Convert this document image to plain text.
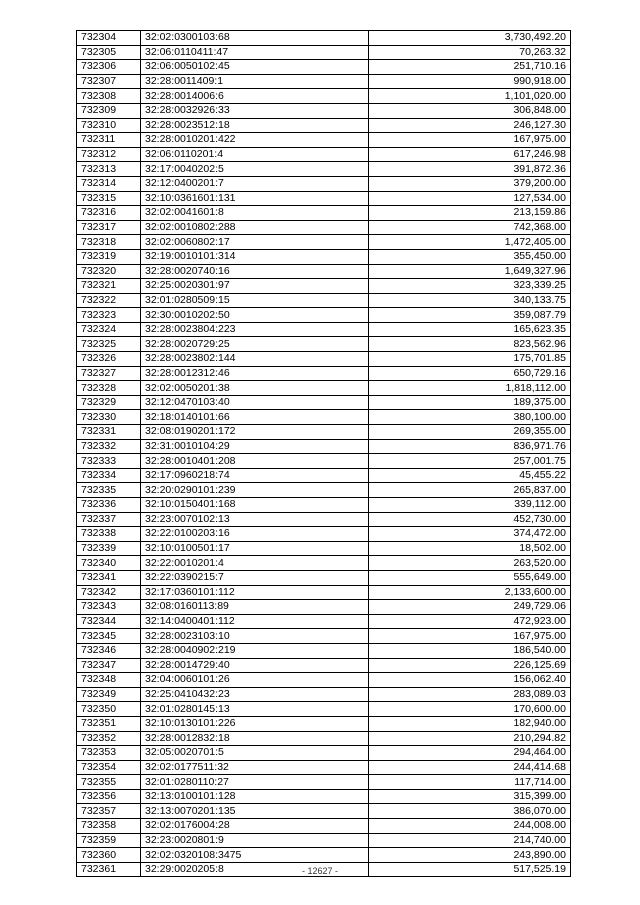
732304	32:02:0300103:68	3,730,492.20
732305	32:06:0110411:47	70,263.32
732306	32:06:0050102:45	251,710.16
732307	32:28:0011409:1	990,918.00
732308	32:28:0014006:6	1,101,020.00
732309	32:28:0032926:33	306,848.00
732310	32:28:0023512:18	246,127.30
732311	32:28:0010201:422	167,975.00
732312	32:06:0110201:4	617,246.98
732313	32:17:0040202:5	391,872.36
732314	32:12:0400201:7	379,200.00
732315	32:10:0361601:131	127,534.00
732316	32:02:0041601:8	213,159.86
732317	32:02:0010802:288	742,368.00
732318	32:02:0060802:17	1,472,405.00
732319	32:19:0010101:314	355,450.00
732320	32:28:0020740:16	1,649,327.96
732321	32:25:0020301:97	323,339.25
732322	32:01:0280509:15	340,133.75
732323	32:30:0010202:50	359,087.79
732324	32:28:0023804:223	165,623.35
732325	32:28:0020729:25	823,562.96
732326	32:28:0023802:144	175,701.85
732327	32:28:0012312:46	650,729.16
732328	32:02:0050201:38	1,818,112.00
732329	32:12:0470103:40	189,375.00
732330	32:18:0140101:66	380,100.00
732331	32:08:0190201:172	269,355.00
732332	32:31:0010104:29	836,971.76
732333	32:28:0010401:208	257,001.75
732334	32:17:0960218:74	45,455.22
732335	32:20:0290101:239	265,837.00
732336	32:10:0150401:168	339,112.00
732337	32:23:0070102:13	452,730.00
732338	32:22:0100203:16	374,472.00
732339	32:10:0100501:17	18,502.00
732340	32:22:0010201:4	263,520.00
732341	32:22:0390215:7	555,649.00
732342	32:17:0360101:112	2,133,600.00
732343	32:08:0160113:89	249,729.06
732344	32:14:0400401:112	472,923.00
732345	32:28:0023103:10	167,975.00
732346	32:28:0040902:219	186,540.00
732347	32:28:0014729:40	226,125.69
732348	32:04:0060101:26	156,062.40
732349	32:25:0410432:23	283,089.03
732350	32:01:0280145:13	170,600.00
732351	32:10:0130101:226	182,940.00
732352	32:28:0012832:18	210,294.82
732353	32:05:0020701:5	294,464.00
732354	32:02:0177511:32	244,414.68
732355	32:01:0280110:27	117,714.00
732356	32:13:0100101:128	315,399.00
732357	32:13:0070201:135	386,070.00
732358	32:02:0176004:28	244,008.00
732359	32:23:0020801:9	214,740.00
732360	32:02:0320108:3475	243,890.00
732361	32:29:0020205:8	517,525.19
- 12627 -
